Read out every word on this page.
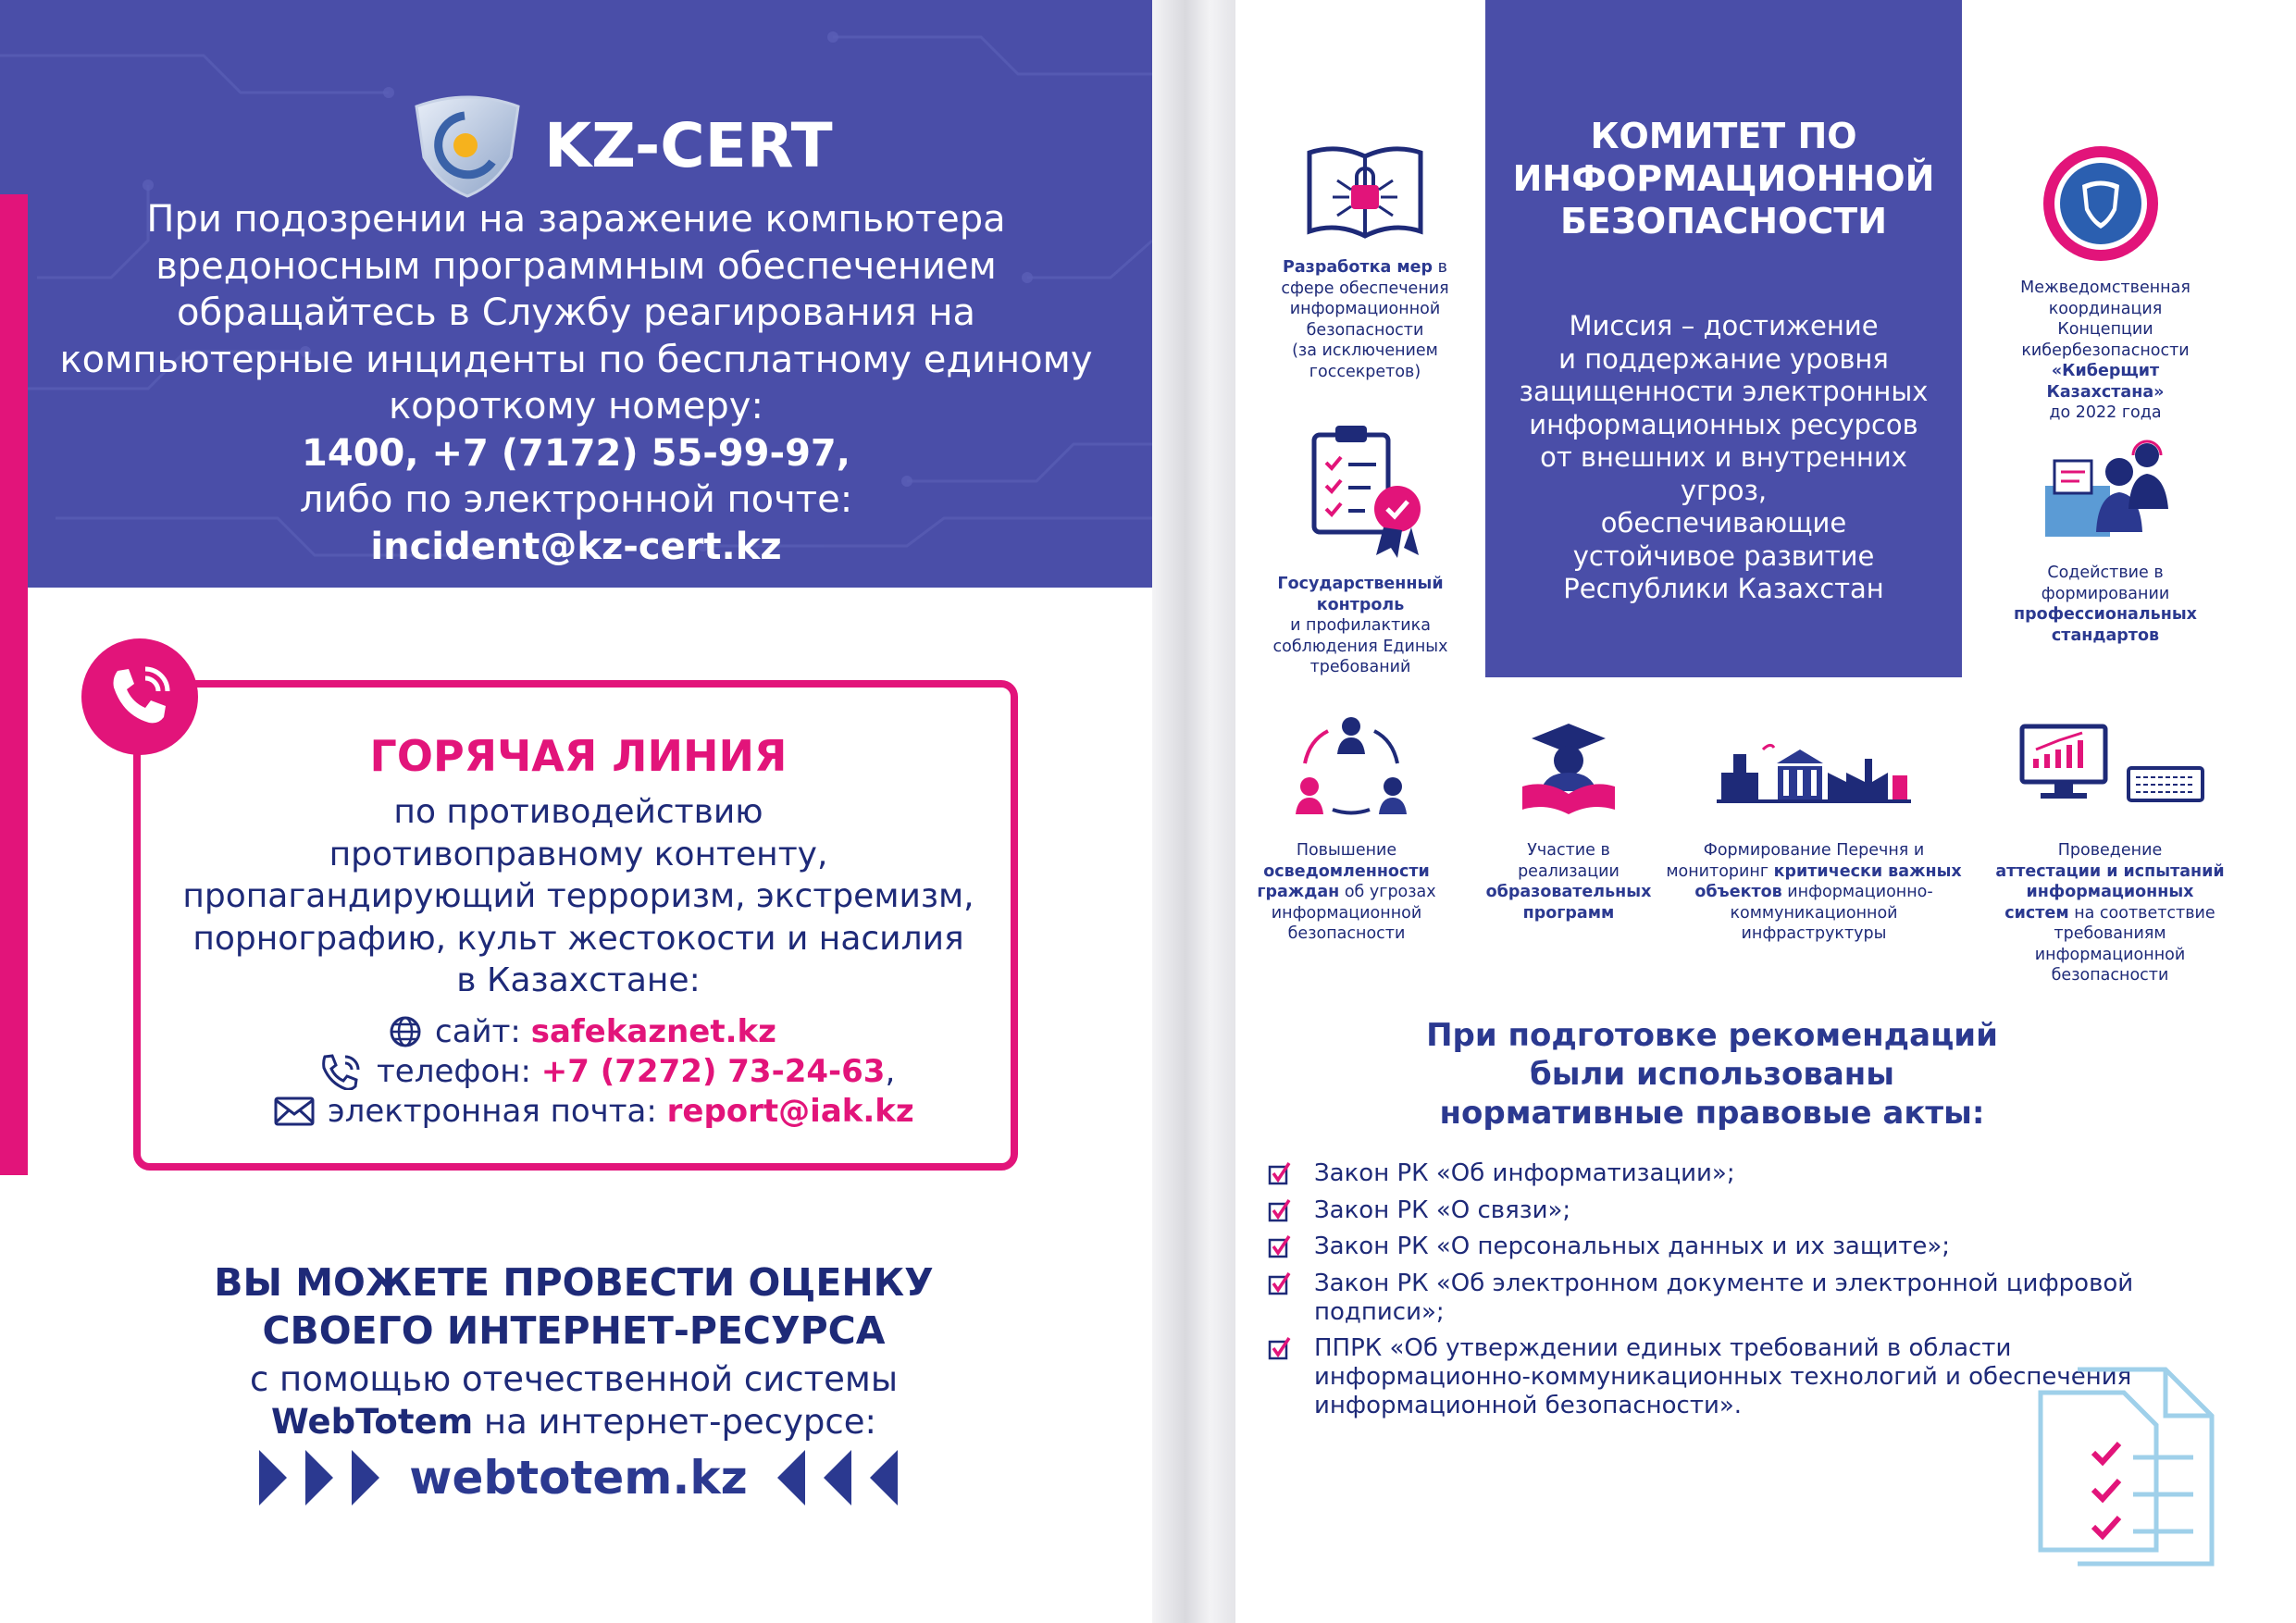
KZ-CERT
При подозрении на заражение компьютера
вредоносным программным обеспечением
обращайтесь в Службу реагирования на
компьютерные инциденты по бесплатному единому
короткому номеру:
1400, +7 (7172) 55-99-97,
либо по электронной почте:
incident@kz-cert.kz
ГОРЯЧАЯ ЛИНИЯ
по противодействию
противоправному контенту,
пропагандирующий терроризм, экстремизм,
порнографию, культ жестокости и насилия
в Казахстане:
сайт: safekaznet.kz
телефон: +7 (7272) 73-24-63,
электронная почта: report@iak.kz
ВЫ МОЖЕТЕ ПРОВЕСТИ ОЦЕНКУ
СВОЕГО ИНТЕРНЕТ-РЕСУРСА
с помощью отечественной системы
WebTotem на интернет-ресурсе:
webtotem.kz
КОМИТЕТ ПО
ИНФОРМАЦИОННОЙ
БЕЗОПАСНОСТИ
Миссия – достижение
и поддержание уровня
защищенности электронных
информационных ресурсов
от внешних и внутренних угроз,
обеспечивающие
устойчивое развитие
Республики Казахстан
Разработка мер в
сфере обеспечения
информационной
безопасности
(за исключением
госсекретов)
Государственный
контроль
и профилактика
соблюдения Единых
требований
Межведомственная
координация Концепции
кибербезопасности
«Киберщит Казахстана»
до 2022 года
Содействие в
формировании
профессиональных
стандартов
Повышение
осведомленности
граждан об угрозах
информационной
безопасности
Участие в
реализации
образовательных
программ
Формирование Перечня и
мониторинг критически важных
объектов информационно-
коммуникационной
инфраструктуры
Проведение
аттестации и испытаний
информационных
систем на соответствие
требованиям
информационной
безопасности
При подготовке рекомендаций
были использованы
нормативные правовые акты:
Закон РК «Об информатизации»;
Закон РК «О связи»;
Закон РК «О персональных данных и их защите»;
Закон РК «Об электронном документе и электронной цифровой подписи»;
ППРК «Об утверждении единых требований в области информационно-коммуникационных технологий и обеспечения информационной безопасности».
